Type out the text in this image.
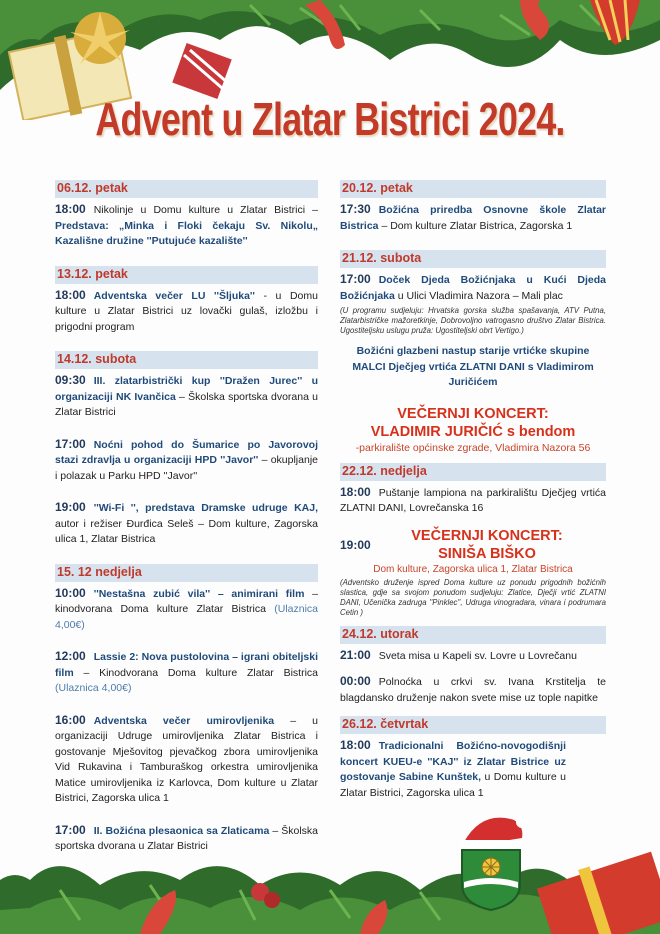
Advent u Zlatar Bistrici 2024.
06.12. petak
18:00 Nikolinje u Domu kulture u Zlatar Bistrici – Predstava: „Minka i Floki čekaju Sv. Nikolu„ Kazališne družine ''Putujuće kazalište''
13.12. petak
18:00 Adventska večer LU ''Šljuka'' - u Domu kulture u Zlatar Bistrici uz lovački gulaš, izložbu i prigodni program
14.12. subota
09:30 III. zlatarbistrički kup ''Dražen Jurec'' u organizaciji NK Ivančica – Školska sportska dvorana u Zlatar Bistrici
17:00 Noćni pohod do Šumarice po Javorovoj stazi zdravlja u organizaciji HPD ''Javor'' – okupljanje i polazak u Parku HPD ''Javor''
19:00 ''Wi-Fi '', predstava Dramske udruge KAJ, autor i režiser Đurđica Seleš – Dom kulture, Zagorska ulica 1, Zlatar Bistrica
15. 12 nedjelja
10:00 ''Nestašna zubić vila'' – animirani film – kinodvorana Doma kulture Zlatar Bistrica (Ulaznica 4,00€)
12:00 Lassie 2: Nova pustolovina – igrani obiteljski film – Kinodvorana Doma kulture Zlatar Bistrica (Ulaznica 4,00€)
16:00 Adventska večer umirovljenika – u organizaciji Udruge umirovljenika Zlatar Bistrica i gostovanje Mješovitog pjevačkog zbora umirovljenika Vid Rukavina i Tamburaškog orkestra umirovljenika Matice umirovljenika iz Karlovca, Dom kulture u Zlatar Bistrici, Zagorska ulica 1
17:00 II. Božićna plesaonica sa Zlaticama – Školska sportska dvorana u Zlatar Bistrici
20.12. petak
17:30 Božićna priredba Osnovne škole Zlatar Bistrica – Dom kulture Zlatar Bistrica, Zagorska 1
21.12. subota
17:00 Doček Djeda Božićnjaka u Kući Djeda Božićnjaka u Ulici Vladimira Nazora – Mali plac
(U programu sudjeluju: Hrvatska gorska služba spašavanja, ATV Putna, Zlatarbistričke mažoretkinje, Dobrovoljno vatrogasno društvo Zlatar Bistrica. Ugostiteljsku uslugu pruža: Ugostiteljski obrt Vertigo.)
Božićni glazbeni nastup starije vrtićke skupine MALCI Dječjeg vrtića ZLATNI DANI s Vladimirom Juričićem
VEČERNJI KONCERT:
VLADIMIR JURIČIĆ s bendom
-parkiralište općinske zgrade, Vladimira Nazora 56
22.12. nedjelja
18:00 Puštanje lampiona na parkiralištu Dječjeg vrtića ZLATNI DANI, Lovrečanska 16
19:00
VEČERNJI KONCERT:
SINIŠA BIŠKO
Dom kulture, Zagorska ulica 1, Zlatar Bistrica
(Adventsko druženje ispred Doma kulture uz ponudu prigodnih božićnih slastica, gdje sa svojom ponudom sudjeluju: Zlatice, Dječji vrtić ZLATNI DANI, Učenička zadruga ''Pinklec'', Udruga vinogradara, vinara i podrumara Cetin )
24.12. utorak
21:00 Sveta misa u Kapeli sv. Lovre u Lovrečanu
00:00 Polnoćka u crkvi sv. Ivana Krstitelja te blagdansko druženje nakon svete mise uz tople napitke
26.12. četvrtak
18:00 Tradicionalni Božićno-novogodišnji koncert KUEU-e ''KAJ'' iz Zlatar Bistrice uz gostovanje Sabine Kunštek, u Domu kulture u Zlatar Bistrici, Zagorska ulica 1
